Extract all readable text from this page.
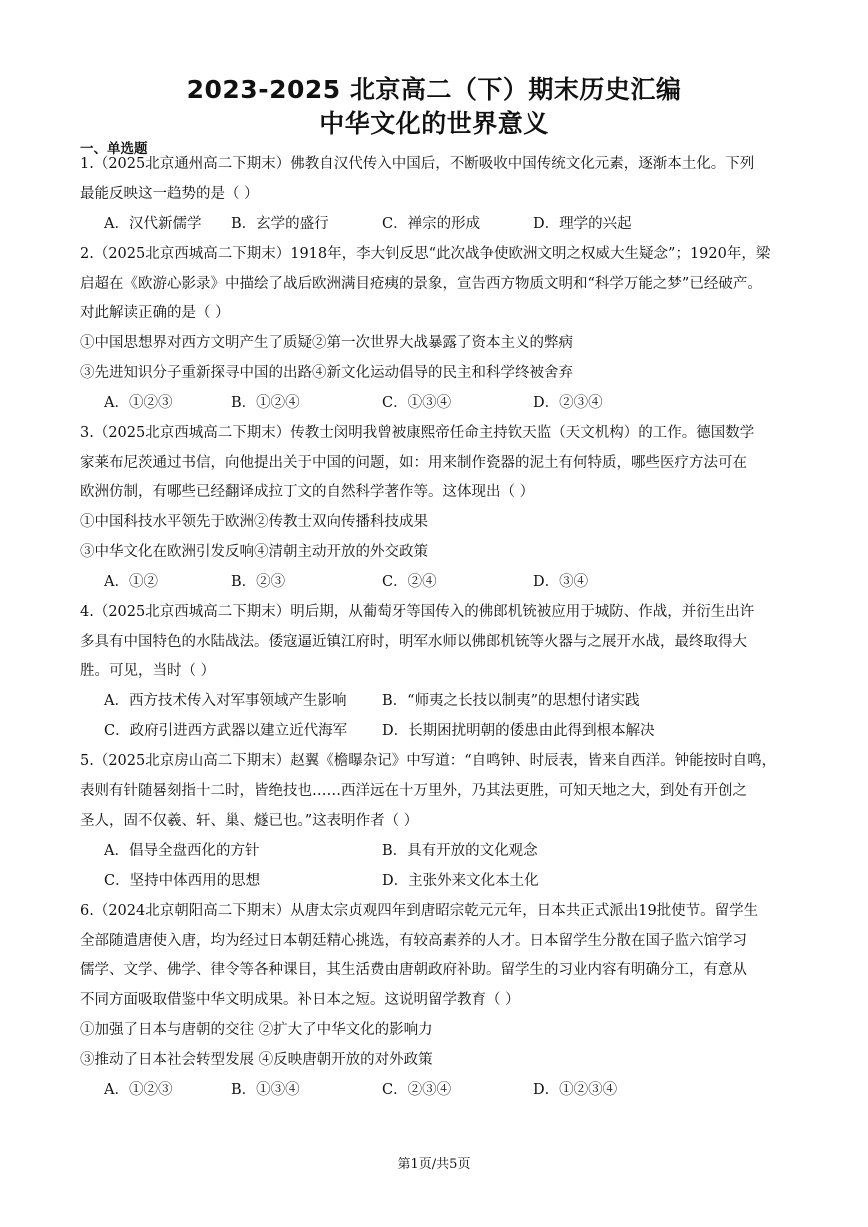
2023-2025 北京高二（下）期末历史汇编
中华文化的世界意义
一、单选题
1.（2025北京通州高二下期末）佛教自汉代传入中国后，不断吸收中国传统文化元素，逐渐本土化。下列
最能反映这一趋势的是（ ）
A．汉代新儒学 B．玄学的盛行	C．禅宗的形成	D．理学的兴起
2.（2025北京西城高二下期末）1918年，李大钊反思“此次战争使欧洲文明之权威大生疑念”；1920年，梁
启超在《欧游心影录》中描绘了战后欧洲满目疮痍的景象，宣告西方物质文明和“科学万能之梦”已经破产。
对此解读正确的是（ ）
①中国思想界对西方文明产生了质疑②第一次世界大战暴露了资本主义的弊病
③先进知识分子重新探寻中国的出路④新文化运动倡导的民主和科学终被舍弃
A．①②③	B．①②④	C．①③④	D．②③④
3.（2025北京西城高二下期末）传教士闵明我曾被康熙帝任命主持钦天监（天文机构）的工作。德国数学
家莱布尼茨通过书信，向他提出关于中国的问题，如：用来制作瓷器的泥土有何特质，哪些医疗方法可在
欧洲仿制，有哪些已经翻译成拉丁文的自然科学著作等。这体现出（ ）
①中国科技水平领先于欧洲②传教士双向传播科技成果
③中华文化在欧洲引发反响④清朝主动开放的外交政策
A．①②	B．②③	C．②④	D．③④
4.（2025北京西城高二下期末）明后期，从葡萄牙等国传入的佛郎机铳被应用于城防、作战，并衍生出许
多具有中国特色的水陆战法。倭寇逼近镇江府时，明军水师以佛郎机铳等火器与之展开水战，最终取得大
胜。可见，当时（ ）
A．西方技术传入对军事领域产生影响 B．“师夷之长技以制夷”的思想付诸实践
C．政府引进西方武器以建立近代海军 D．长期困扰明朝的倭患由此得到根本解决
5.（2025北京房山高二下期末）赵翼《檐曝杂记》中写道：“自鸣钟、时辰表，皆来自西洋。钟能按时自鸣，
表则有针随晷刻指十二时，皆绝技也……西洋远在十万里外，乃其法更胜，可知天地之大，到处有开创之
圣人，固不仅羲、轩、巢、燧已也。”这表明作者（ ）
A．倡导全盘西化的方针	B．具有开放的文化观念
C．坚持中体西用的思想	D．主张外来文化本土化
6.（2024北京朝阳高二下期末）从唐太宗贞观四年到唐昭宗乾元元年，日本共正式派出19批使节。留学生
全部随遣唐使入唐，均为经过日本朝廷精心挑选，有较高素养的人才。日本留学生分散在国子监六馆学习
儒学、文学、佛学、律令等各种课目，其生活费由唐朝政府补助。留学生的习业内容有明确分工，有意从
不同方面吸取借鉴中华文明成果。补日本之短。这说明留学教育（ ）
①加强了日本与唐朝的交往 ②扩大了中华文化的影响力
③推动了日本社会转型发展 ④反映唐朝开放的对外政策
A．①②③	B．①③④	C．②③④	D．①②③④
第1页/共5页
